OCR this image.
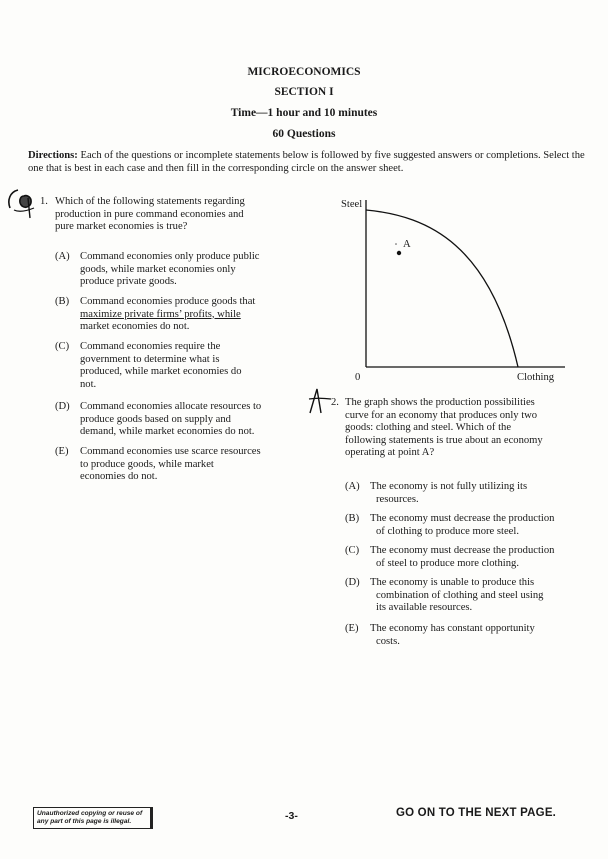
MICROECONOMICS
SECTION I
Time—1 hour and 10 minutes
60 Questions
Directions: Each of the questions or incomplete statements below is followed by five suggested answers or completions. Select the one that is best in each case and then fill in the corresponding circle on the answer sheet.
1. Which of the following statements regarding
production in pure command economies and
pure market economies is true?
(A) Command economies only produce public
goods, while market economies only
produce private goods.
(B) Command economies produce goods that
maximize private firms’ profits, while
market economies do not.
(C) Command economies require the
government to determine what is
produced, while market economies do
not.
(D) Command economies allocate resources to
produce goods based on supply and
demand, while market economies do not.
(E) Command economies use scarce resources
to produce goods, while market
economies do not.
Steel
0	Clothing
A
2. The graph shows the production possibilities
curve for an economy that produces only two
goods: clothing and steel. Which of the
following statements is true about an economy
operating at point A?
(A) The economy is not fully utilizing its
resources.
(B) The economy must decrease the production
of clothing to produce more steel.
(C) The economy must decrease the production
of steel to produce more clothing.
(D) The economy is unable to produce this
combination of clothing and steel using
its available resources.
(E) The economy has constant opportunity
costs.
Unauthorized copying or reuse of
any part of this page is illegal.	-3-	GO ON TO THE NEXT PAGE.
